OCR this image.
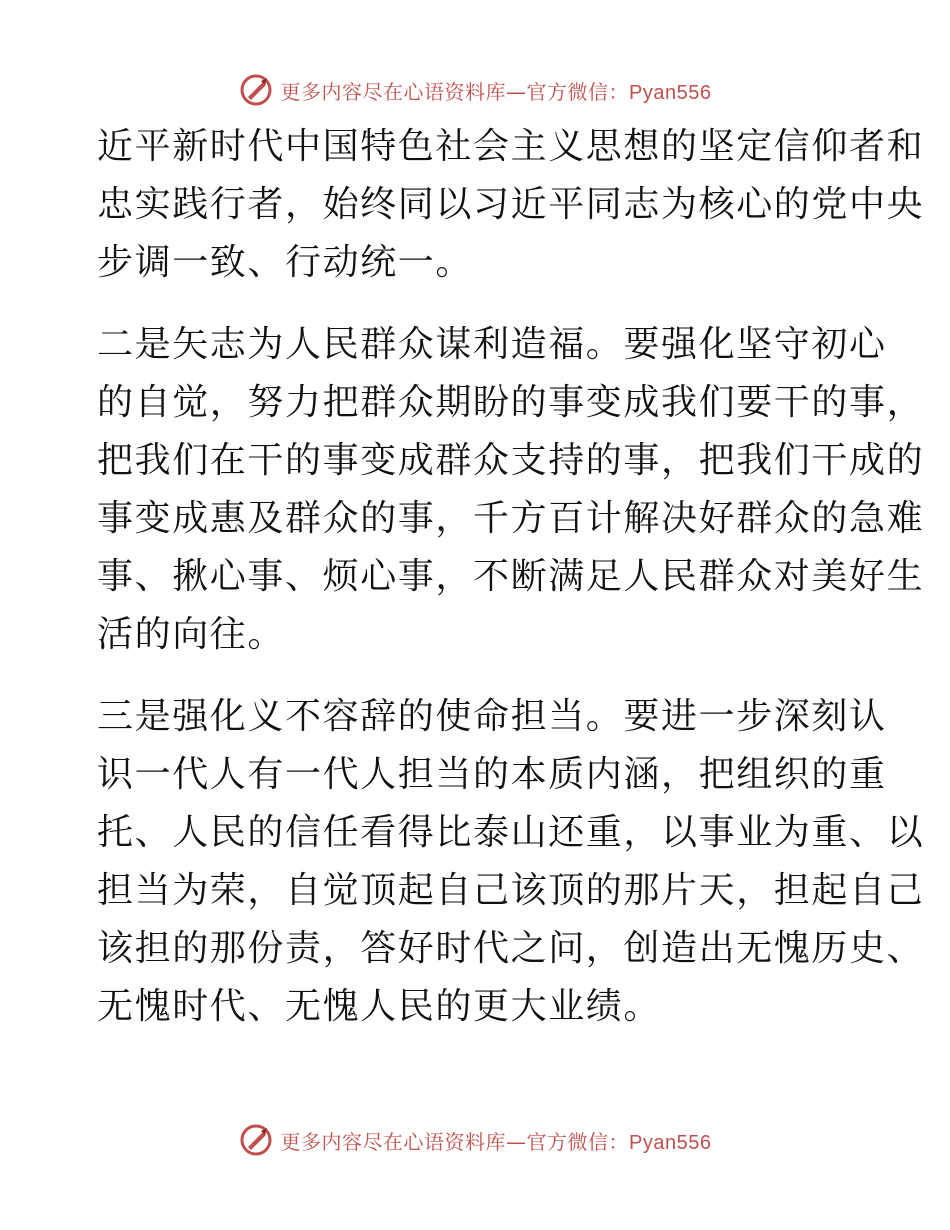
更多内容尽在心语资料库—官方微信：Pyan556

近平新时代中国特色社会主义思想的坚定信仰者和
忠实践行者，始终同以习近平同志为核心的党中央
步调一致、行动统一。

二是矢志为人民群众谋利造福。要强化坚守初心
的自觉，努力把群众期盼的事变成我们要干的事，
把我们在干的事变成群众支持的事，把我们干成的
事变成惠及群众的事，千方百计解决好群众的急难
事、揪心事、烦心事，不断满足人民群众对美好生
活的向往。

三是强化义不容辞的使命担当。要进一步深刻认
识一代人有一代人担当的本质内涵，把组织的重
托、人民的信任看得比泰山还重，以事业为重、以
担当为荣，自觉顶起自己该顶的那片天，担起自己
该担的那份责，答好时代之问，创造出无愧历史、
无愧时代、无愧人民的更大业绩。

更多内容尽在心语资料库—官方微信：Pyan556
